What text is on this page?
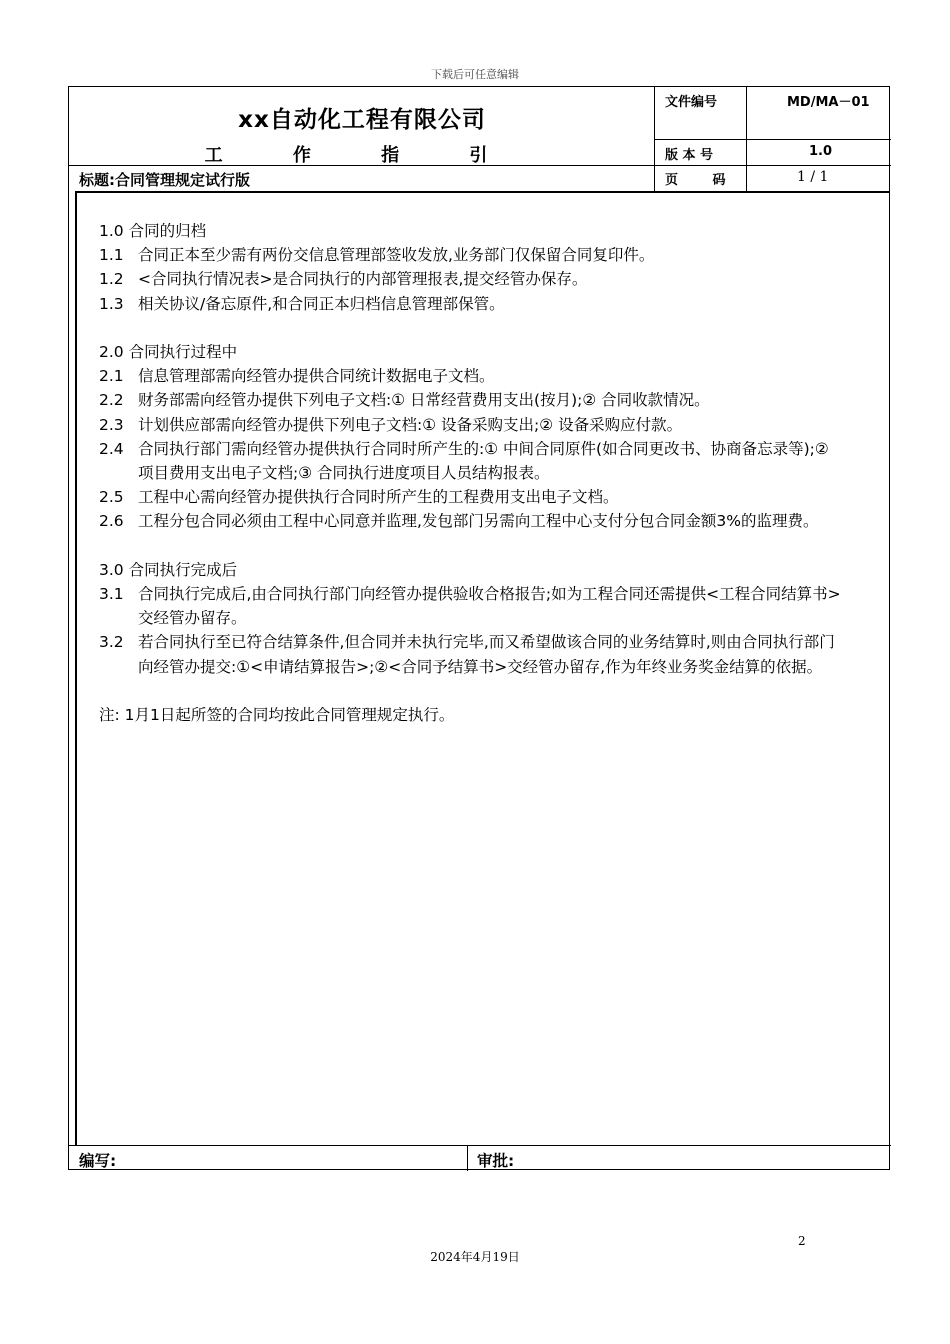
下载后可任意编辑
xx自动化工程有限公司
工 作 指 引
文件编号	MD/MA－01
版 本 号	1.0
页 码	1 / 1
标题:合同管理规定试行版
1.0 合同的归档
1.1 合同正本至少需有两份交信息管理部签收发放,业务部门仅保留合同复印件。
1.2 <合同执行情况表>是合同执行的内部管理报表,提交经管办保存。
1.3 相关协议/备忘原件,和合同正本归档信息管理部保管。
2.0 合同执行过程中
2.1 信息管理部需向经管办提供合同统计数据电子文档。
2.2 财务部需向经管办提供下列电子文档:① 日常经营费用支出(按月);② 合同收款情况。
2.3 计划供应部需向经管办提供下列电子文档:① 设备采购支出;② 设备采购应付款。
2.4 合同执行部门需向经管办提供执行合同时所产生的:① 中间合同原件(如合同更改书、协商备忘录等);② 项目费用支出电子文档;③ 合同执行进度项目人员结构报表。
2.5 工程中心需向经管办提供执行合同时所产生的工程费用支出电子文档。
2.6 工程分包合同必须由工程中心同意并监理,发包部门另需向工程中心支付分包合同金额3%的监理费。
3.0 合同执行完成后
3.1 合同执行完成后,由合同执行部门向经管办提供验收合格报告;如为工程合同还需提供<工程合同结算书>交经管办留存。
3.2 若合同执行至已符合结算条件,但合同并未执行完毕,而又希望做该合同的业务结算时,则由合同执行部门向经管办提交:①<申请结算报告>;②<合同予结算书>交经管办留存,作为年终业务奖金结算的依据。
注: 1月1日起所签的合同均按此合同管理规定执行。
编写:	审批:
2
2024年4月19日
